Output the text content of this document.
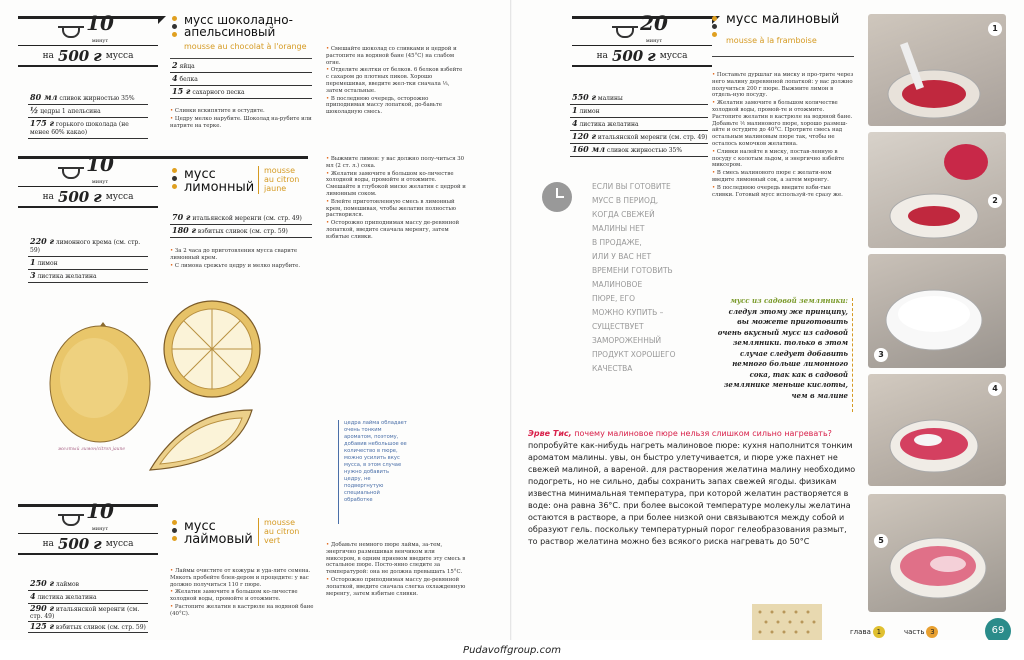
10
минут
на 500 г мусса
80 мл сливок жирностью 35%
½ цедры 1 апельсина
175 г горького шоколада (не менее 60% какао)
мусс шоколадно-
апельсиновый
mousse au chocolat à l'orange
2 яйца
4 белка
15 г сахарного песка

• Сливки вскипятите и остудите.

• Цедру мелко нарубите. Шоколад на-рубите или натрите на терке.

• Смешайте шоколад со сливками и цедрой и растопите на водяной бане (45°С) на слабом огне.

• Отделите желтки от белков. 6 белков взбейте с сахаром до плотных пиков. Хорошо перемешивая, введите жел-тки сначала ⅓, затем остальные.

• В последнюю очередь, осторожно приподнимая массу лопаткой, до-бавьте шоколадную смесь.

10
минут
на 500 г мусса
220 г лимонного крема (см. стр. 59)
1 лимон
3 листика желатина
мусс
лимонный
mousse
au citron
jaune
70 г итальянской меренги (см. стр. 49)
180 г взбитых сливок (см. стр. 59)

• За 2 часа до приготовления мусса сварите лимонный крем.

• С лимона срежьте цедру и мелко нарубите.

• Выжмите лимон: у вас должно полу-читься 30 мл (2 ст. л.) сока.

• Желатин замочите в большом ко-личестве холодной воды, промойте и отожмите. Смешайте в глубокой миске желатин с цедрой и лимонным соком.

• Влейте приготовленную смесь в лимонный крем, помешивая, чтобы желатин полностью растворился.

• Осторожно приподнимая массу де-ревянной лопаткой, введите сначала меренгу, затем взбитые сливки.

желтый лимон/citron jaune
цедра лайма обладает очень тонким ароматом, поэтому, добавив небольшое ее количество в пюре, можно усилить вкус мусса, в этом случае нужно добавить цедру, не подвергнутую специальной обработке
10
минут
на 500 г мусса
250 г лаймов
4 листика желатина
290 г итальянской меренги (см. стр. 49)
125 г взбитых сливок (см. стр. 59)
мусс
лаймовый
mousse
au citron
vert

• Лаймы очистите от кожуры и уда-лите семена. Мякоть пробейте блен-дером и процедите: у вас должно получиться 110 г пюре.

• Желатин замочите в большом ко-личестве холодной воды, промойте и отожмите.

• Растопите желатин в кастрюле на водяной бане (40°С).

• Добавьте немного пюре лайма, за-тем, энергично размешивая венчиком или миксером, в одним приемом введите эту смесь в остальное пюре. Посто-янно следите за температурой: она не должна превышать 15°С.

• Осторожно приподнимая массу де-ревянной лопаткой, введите сначала слегка охлажденную меренгу, затем взбитые сливки.

20
минут
на 500 г мусса
550 г малины
1 лимон
4 листика желатина
120 г итальянской меренги (см. стр. 49)
160 мл сливок жирностью 35%
мусс малиновый
mousse à la framboise

• Поставьте дуршлаг на миску и про-трите через него малину деревянной лопаткой: у вас должно получиться 200 г пюре. Выжмите лимон в отдель-ную посуду.

• Желатин замочите в большом количестве холодной воды, промой-те и отожмите. Растопите желатин в кастрюле на водяной бане. Добавьте ⅕ малинового пюре, хорошо размеш-айте и остудите до 40°С. Протрите смесь над остальным малиновым пюре так, чтобы не осталось комочков желатина.

• Сливки налейте в миску, постав-ленную в посуду с колотым льдом, и энергично взбейте миксером.

• В смесь малинового пюре с желати-ном введите лимонный сок, а затем меренгу.

• В последнюю очередь введите взби-тые сливки. Готовый мусс используй-те сразу же.

ЕСЛИ ВЫ ГОТОВИТЕ
МУСС В ПЕРИОД,
КОГДА СВЕЖЕЙ
МАЛИНЫ НЕТ
В ПРОДАЖЕ,
ИЛИ У ВАС НЕТ
ВРЕМЕНИ ГОТОВИТЬ
МАЛИНОВОЕ
ПЮРЕ, ЕГО
МОЖНО КУПИТЬ –
СУЩЕСТВУЕТ
ЗАМОРОЖЕННЫЙ
ПРОДУКТ ХОРОШЕГО
КАЧЕСТВА
мусс из садовой земляники:
следуя этому же принципу,
вы можете приготовить
очень вкусный мусс из садовой
земляники. только в этом
случае следует добавить
немного больше лимонного
сока, так как в садовой
землянике меньше кислоты,
чем в малине
Эрве Тис, почему малиновое пюре нельзя слишком сильно нагревать? попробуйте как-нибудь нагреть малиновое пюре: кухня наполнится тонким ароматом малины. увы, он быстро улетучивается, и пюре уже пахнет не свежей малиной, а вареной. для растворения желатина малину необходимо подогреть, но не сильно, дабы сохранить запах свежей ягоды. физикам известна минимальная температура, при которой желатин растворяется в воде: она равна 36°С. при более высокой температуре молекулы желатина остаются в растворе, а при более низкой они связываются между собой и образуют гель. поскольку температурный порог гелеобразования размыт, то раствор желатина можно без всякого риска нагревать до 50°С
1
2
3
4
5
глава 1	часть 3	69
Pudavoffgroup.com
